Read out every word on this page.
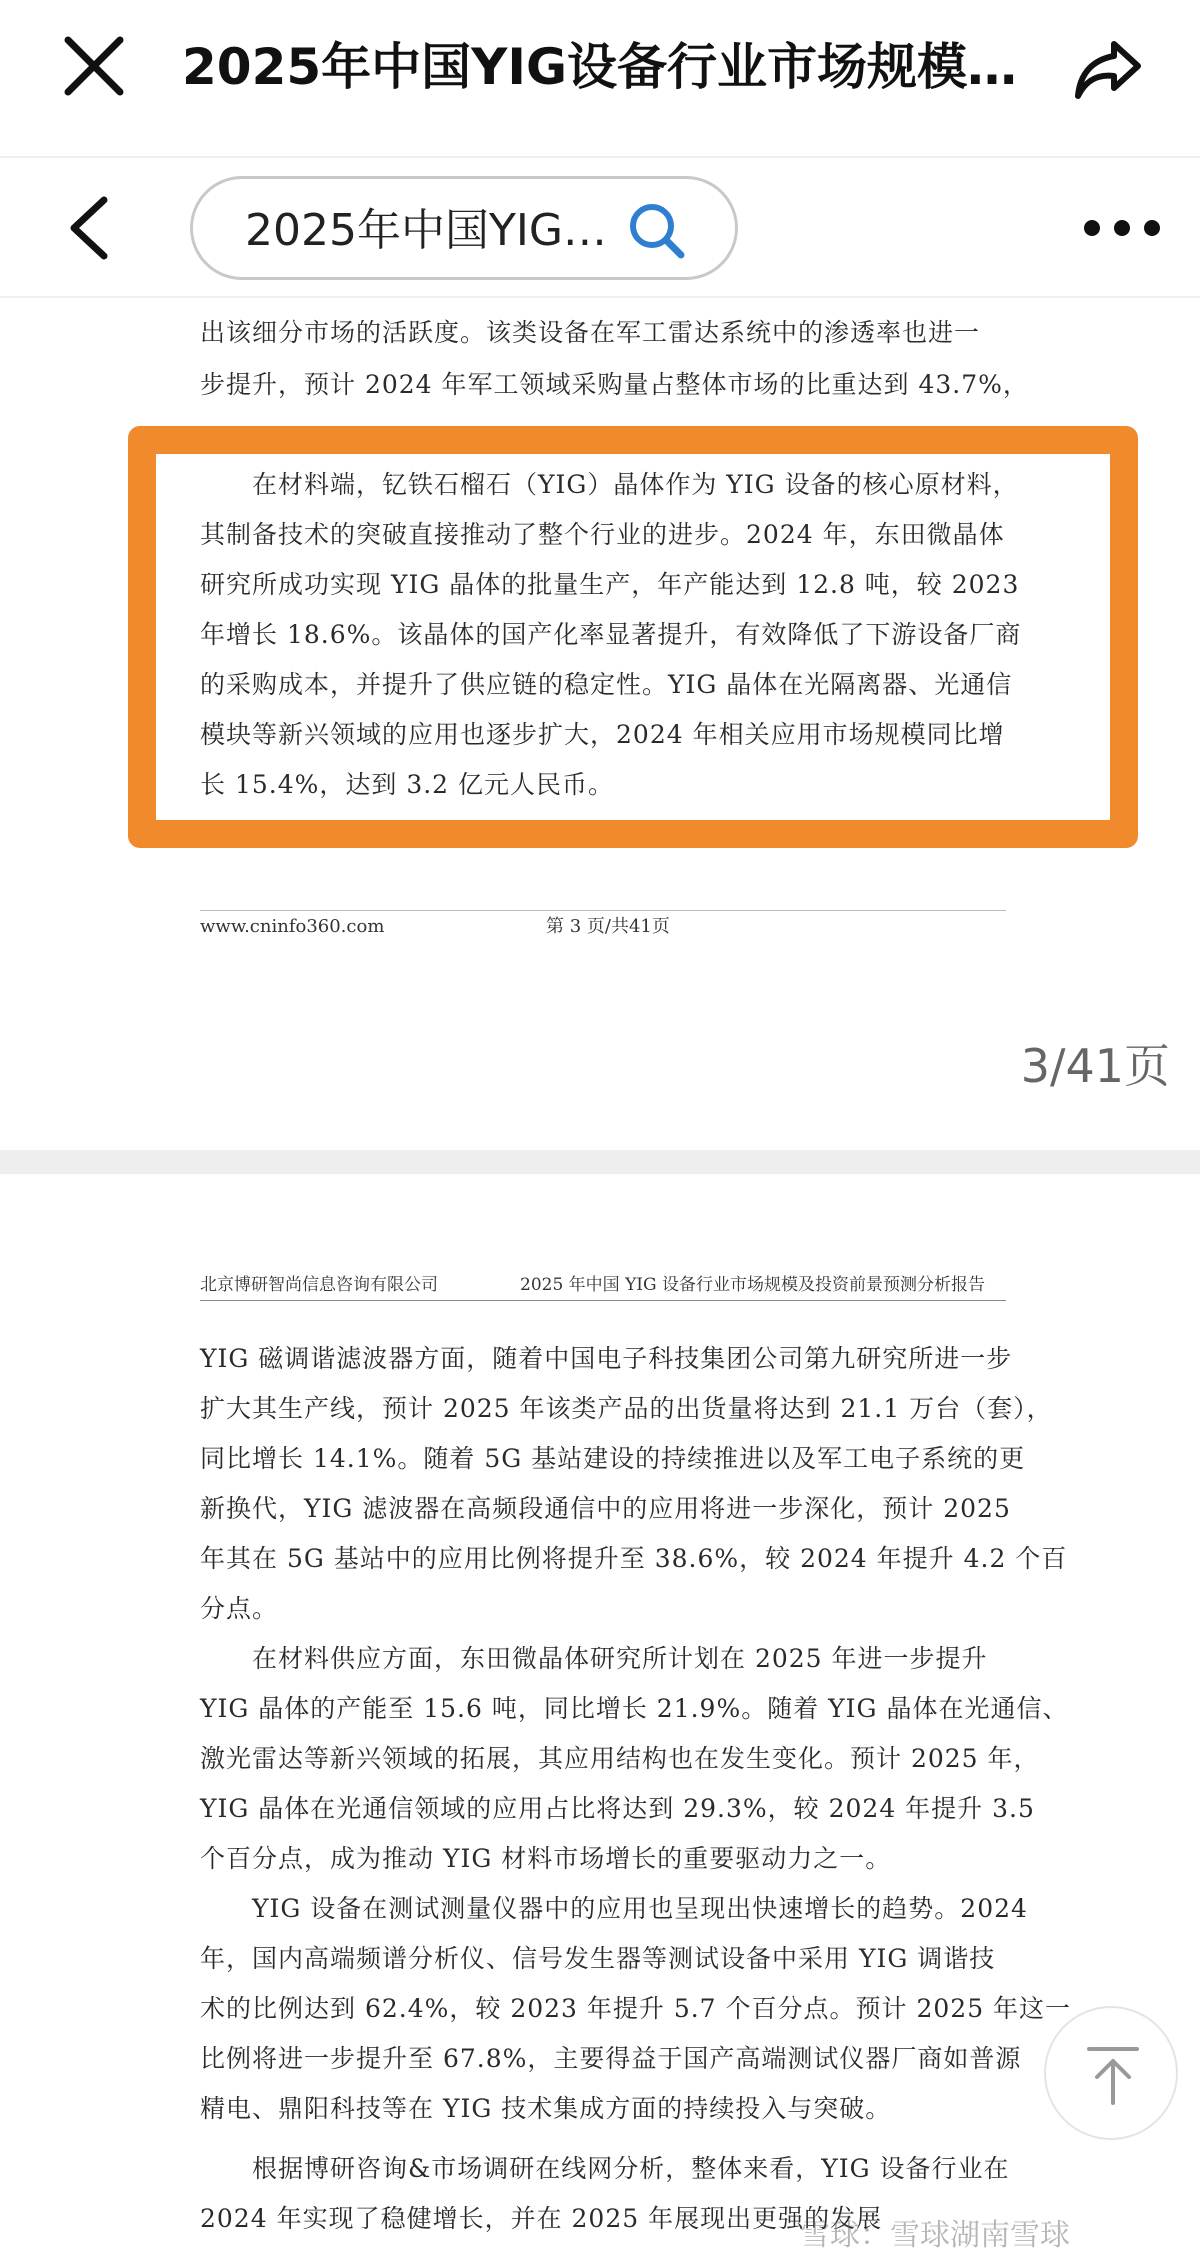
2025年中国YIG设备行业市场规模…
2025年中国YIG…
出该细分市场的活跃度。该类设备在军工雷达系统中的渗透率也进一
步提升，预计 2024 年军工领域采购量占整体市场的比重达到 43.7%，
在材料端，钇铁石榴石（YIG）晶体作为 YIG 设备的核心原材料，
其制备技术的突破直接推动了整个行业的进步。2024 年，东田微晶体
研究所成功实现 YIG 晶体的批量生产，年产能达到 12.8 吨，较 2023
年增长 18.6%。该晶体的国产化率显著提升，有效降低了下游设备厂商
的采购成本，并提升了供应链的稳定性。YIG 晶体在光隔离器、光通信
模块等新兴领域的应用也逐步扩大，2024 年相关应用市场规模同比增
长 15.4%，达到 3.2 亿元人民币。
www.cninfo360.com	第 3 页/共41页
3/41页
北京博研智尚信息咨询有限公司	2025 年中国 YIG 设备行业市场规模及投资前景预测分析报告
YIG 磁调谐滤波器方面，随着中国电子科技集团公司第九研究所进一步
扩大其生产线，预计 2025 年该类产品的出货量将达到 21.1 万台（套），
同比增长 14.1%。随着 5G 基站建设的持续推进以及军工电子系统的更
新换代，YIG 滤波器在高频段通信中的应用将进一步深化，预计 2025
年其在 5G 基站中的应用比例将提升至 38.6%，较 2024 年提升 4.2 个百
分点。
在材料供应方面，东田微晶体研究所计划在 2025 年进一步提升
YIG 晶体的产能至 15.6 吨，同比增长 21.9%。随着 YIG 晶体在光通信、
激光雷达等新兴领域的拓展，其应用结构也在发生变化。预计 2025 年，
YIG 晶体在光通信领域的应用占比将达到 29.3%，较 2024 年提升 3.5
个百分点，成为推动 YIG 材料市场增长的重要驱动力之一。
YIG 设备在测试测量仪器中的应用也呈现出快速增长的趋势。2024
年，国内高端频谱分析仪、信号发生器等测试设备中采用 YIG 调谐技
术的比例达到 62.4%，较 2023 年提升 5.7 个百分点。预计 2025 年这一
比例将进一步提升至 67.8%，主要得益于国产高端测试仪器厂商如普源
精电、鼎阳科技等在 YIG 技术集成方面的持续投入与突破。
根据博研咨询&市场调研在线网分析，整体来看，YIG 设备行业在
2024 年实现了稳健增长，并在 2025 年展现出更强的发展
雪球：雪球湖南雪球
